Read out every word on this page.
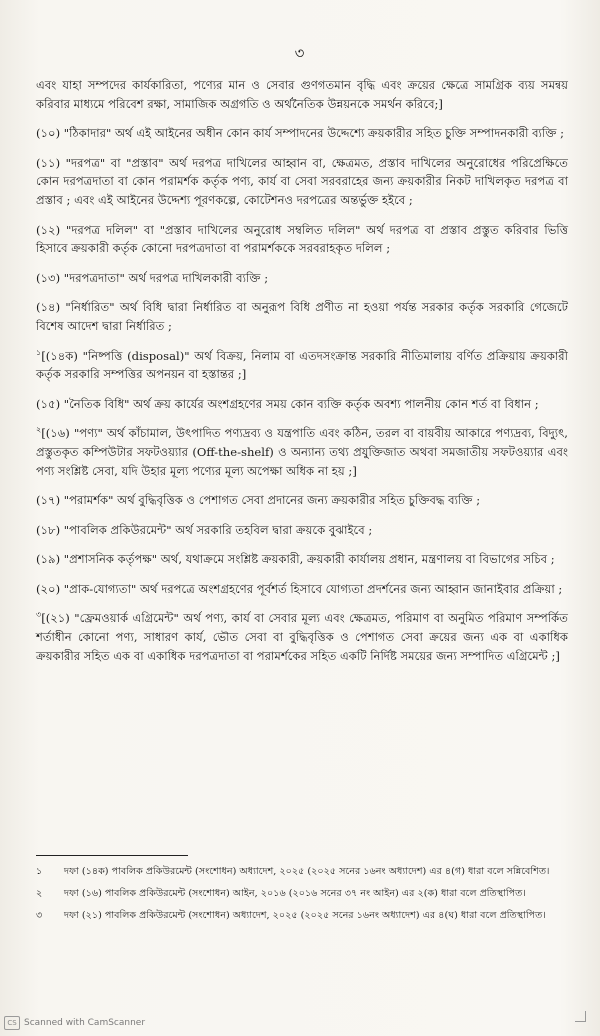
৩

এবং যাহা সম্পদের কার্যকারিতা, পণ্যের মান ও সেবার গুণগতমান বৃদ্ধি এবং ক্রয়ের ক্ষেত্রে সামগ্রিক ব্যয় সমন্বয় করিবার মাধ্যমে পরিবেশ রক্ষা, সামাজিক অগ্রগতি ও অর্থনৈতিক উন্নয়নকে সমর্থন করিবে;]

(১০) "ঠিকাদার" অর্থ এই আইনের অধীন কোন কার্য সম্পাদনের উদ্দেশ্যে ক্রয়কারীর সহিত চুক্তি সম্পাদনকারী ব্যক্তি ;

(১১) "দরপত্র" বা "প্রস্তাব" অর্থ দরপত্র দাখিলের আহ্বান বা, ক্ষেত্রমত, প্রস্তাব দাখিলের অনুরোধের পরিপ্রেক্ষিতে কোন দরপত্রদাতা বা কোন পরামর্শক কর্তৃক পণ্য, কার্য বা সেবা সরবরাহের জন্য ক্রয়কারীর নিকট দাখিলকৃত দরপত্র বা প্রস্তাব ; এবং এই আইনের উদ্দেশ্য পূরণকল্পে, কোটেশনও দরপত্রের অন্তর্ভুক্ত হইবে ;

(১২) "দরপত্র দলিল" বা "প্রস্তাব দাখিলের অনুরোধ সম্বলিত দলিল" অর্থ দরপত্র বা প্রস্তাব প্রস্তুত করিবার ভিত্তি হিসাবে ক্রয়কারী কর্তৃক কোনো দরপত্রদাতা বা পরামর্শককে সরবরাহকৃত দলিল ;

(১৩) "দরপত্রদাতা" অর্থ দরপত্র দাখিলকারী ব্যক্তি ;

(১৪) "নির্ধারিত" অর্থ বিধি দ্বারা নির্ধারিত বা অনুরূপ বিধি প্রণীত না হওয়া পর্যন্ত সরকার কর্তৃক সরকারি গেজেটে বিশেষ আদেশ দ্বারা নির্ধারিত ;

$^১$[(১৪ক) "নিষ্পত্তি (disposal)" অর্থ বিক্রয়, নিলাম বা এতদসংক্রান্ত সরকারি নীতিমালায় বর্ণিত প্রক্রিয়ায় ক্রয়কারী কর্তৃক সরকারি সম্পত্তির অপনয়ন বা হস্তান্তর ;]

(১৫) "নৈতিক বিধি" অর্থ ক্রয় কার্যের অংশগ্রহণের সময় কোন ব্যক্তি কর্তৃক অবশ্য পালনীয় কোন শর্ত বা বিধান ;

$^২$[(১৬) "পণ্য" অর্থ কাঁচামাল, উৎপাদিত পণ্যদ্রব্য ও যন্ত্রপাতি এবং কঠিন, তরল বা বায়বীয় আকারে পণ্যদ্রব্য, বিদ্যুৎ, প্রস্তুতকৃত কম্পিউটার সফটওয়্যার (Off-the-shelf) ও অন্যান্য তথ্য প্রযুক্তিজাত অথবা সমজাতীয় সফটওয়্যার এবং পণ্য সংশ্লিষ্ট সেবা, যদি উহার মূল্য পণ্যের মূল্য অপেক্ষা অধিক না হয় ;]

(১৭) "পরামর্শক" অর্থ বুদ্ধিবৃত্তিক ও পেশাগত সেবা প্রদানের জন্য ক্রয়কারীর সহিত চুক্তিবদ্ধ ব্যক্তি ;

(১৮) "পাবলিক প্রকিউরমেন্ট" অর্থ সরকারি তহবিল দ্বারা ক্রয়কে বুঝাইবে ;

(১৯) "প্রশাসনিক কর্তৃপক্ষ" অর্থ, যথাক্রমে সংশ্লিষ্ট ক্রয়কারী, ক্রয়কারী কার্যালয় প্রধান, মন্ত্রণালয় বা বিভাগের সচিব ;

(২০) "প্রাক-যোগ্যতা" অর্থ দরপত্রে অংশগ্রহণের পূর্বশর্ত হিসাবে যোগ্যতা প্রদর্শনের জন্য আহ্বান জানাইবার প্রক্রিয়া ;

$^৩$[(২১) "ফ্রেমওয়ার্ক এগ্রিমেন্ট" অর্থ পণ্য, কার্য বা সেবার মূল্য এবং ক্ষেত্রমত, পরিমাণ বা অনুমিত পরিমাণ সম্পর্কিত শর্তাধীন কোনো পণ্য, সাধারণ কার্য, ভৌত সেবা বা বুদ্ধিবৃত্তিক ও পেশাগত সেবা ক্রয়ের জন্য এক বা একাধিক ক্রয়কারীর সহিত এক বা একাধিক দরপত্রদাতা বা পরামর্শকের সহিত একটি নির্দিষ্ট সময়ের জন্য সম্পাদিত এগ্রিমেন্ট ;]

১	দফা (১৪ক) পাবলিক প্রকিউরমেন্ট (সংশোধন) অধ্যাদেশ, ২০২৫ (২০২৫ সনের ১৬নং অধ্যাদেশ) এর ৪(গ) ধারা বলে সন্নিবেশিত।
২	দফা (১৬) পাবলিক প্রকিউরমেন্ট (সংশোধন) আইন, ২০১৬ (২০১৬ সনের ৩৭ নং আইন) এর ২(ক) ধারা বলে প্রতিস্থাপিত।
৩	দফা (২১) পাবলিক প্রকিউরমেন্ট (সংশোধন) অধ্যাদেশ, ২০২৫ (২০২৫ সনের ১৬নং অধ্যাদেশ) এর ৪(ঘ) ধারা বলে প্রতিস্থাপিত।
CS Scanned with CamScanner
